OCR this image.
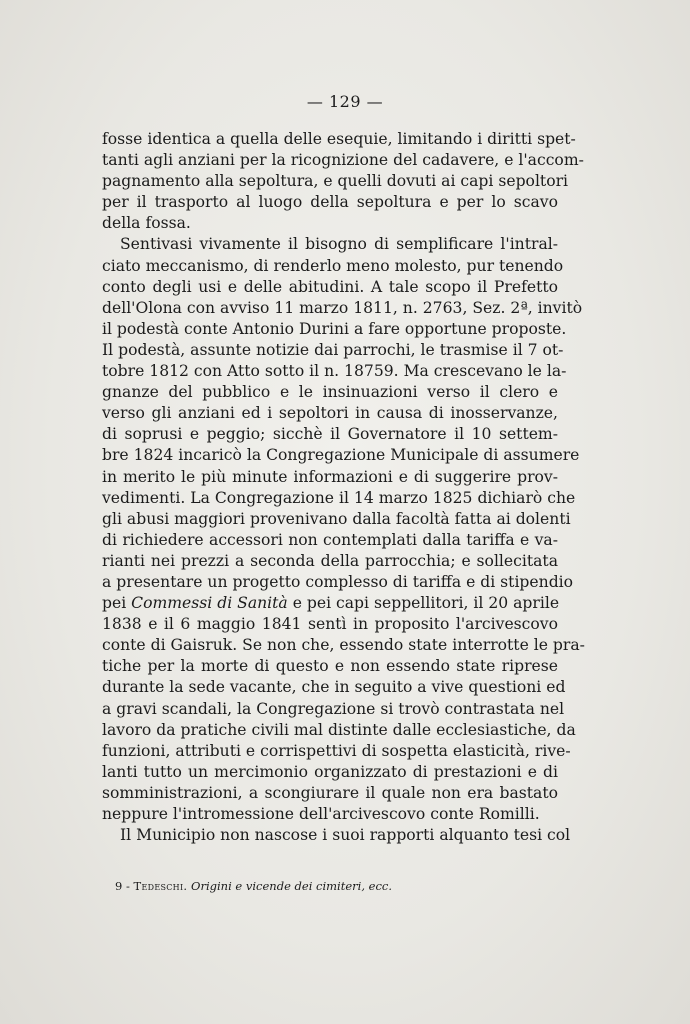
— 129 —
fosse identica a quella delle esequie, limitando i diritti spet-
tanti agli anziani per la ricognizione del cadavere, e l'accom-
pagnamento alla sepoltura, e quelli dovuti ai capi sepoltori
per il trasporto al luogo della sepoltura e per lo scavo
della fossa.
Sentivasi vivamente il bisogno di semplificare l'intral-
ciato meccanismo, di renderlo meno molesto, pur tenendo
conto degli usi e delle abitudini. A tale scopo il Prefetto
dell'Olona con avviso 11 marzo 1811, n. 2763, Sez. 2ª, invitò
il podestà conte Antonio Durini a fare opportune proposte.
Il podestà, assunte notizie dai parrochi, le trasmise il 7 ot-
tobre 1812 con Atto sotto il n. 18759. Ma crescevano le la-
gnanze del pubblico e le insinuazioni verso il clero e
verso gli anziani ed i sepoltori in causa di inosservanze,
di soprusi e peggio; sicchè il Governatore il 10 settem-
bre 1824 incaricò la Congregazione Municipale di assumere
in merito le più minute informazioni e di suggerire prov-
vedimenti. La Congregazione il 14 marzo 1825 dichiarò che
gli abusi maggiori provenivano dalla facoltà fatta ai dolenti
di richiedere accessori non contemplati dalla tariffa e va-
rianti nei prezzi a seconda della parrocchia; e sollecitata
a presentare un progetto complesso di tariffa e di stipendio
pei Commessi di Sanità e pei capi seppellitori, il 20 aprile
1838 e il 6 maggio 1841 sentì in proposito l'arcivescovo
conte di Gaisruk. Se non che, essendo state interrotte le pra-
tiche per la morte di questo e non essendo state riprese
durante la sede vacante, che in seguito a vive questioni ed
a gravi scandali, la Congregazione si trovò contrastata nel
lavoro da pratiche civili mal distinte dalle ecclesiastiche, da
funzioni, attributi e corrispettivi di sospetta elasticità, rive-
lanti tutto un mercimonio organizzato di prestazioni e di
somministrazioni, a scongiurare il quale non era bastato
neppure l'intromessione dell'arcivescovo conte Romilli.
Il Municipio non nascose i suoi rapporti alquanto tesi col
9 - Tedeschi. Origini e vicende dei cimiteri, ecc.
